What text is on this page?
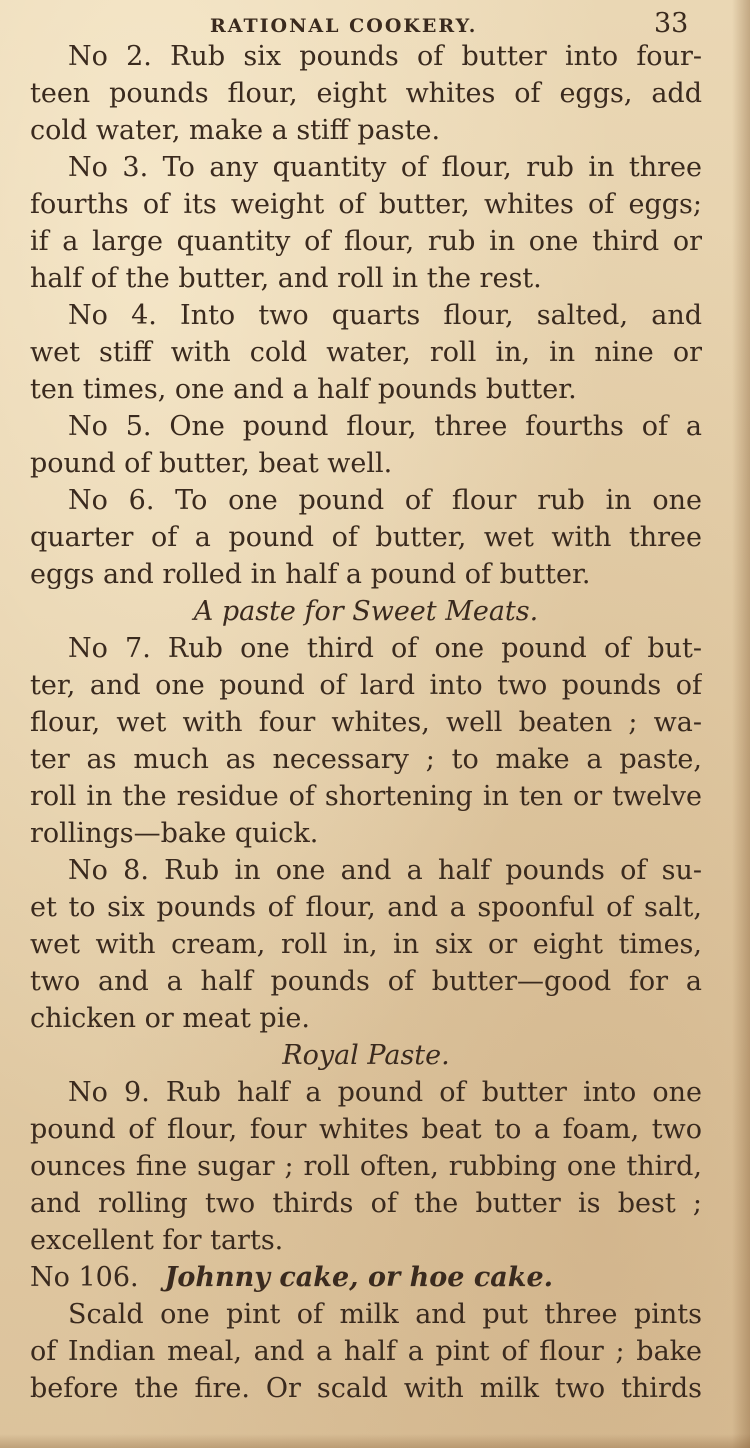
RATIONAL COOKERY.	33
No 2. Rub six pounds of butter into four-
teen pounds flour, eight whites of eggs, add
cold water, make a stiff paste.
No 3. To any quantity of flour, rub in three
fourths of its weight of butter, whites of eggs;
if a large quantity of flour, rub in one third or
half of the butter, and roll in the rest.
No 4. Into two quarts flour, salted, and
wet stiff with cold water, roll in, in nine or
ten times, one and a half pounds butter.
No 5. One pound flour, three fourths of a
pound of butter, beat well.
No 6. To one pound of flour rub in one
quarter of a pound of butter, wet with three
eggs and rolled in half a pound of butter.
A paste for Sweet Meats.
No 7. Rub one third of one pound of but-
ter, and one pound of lard into two pounds of
flour, wet with four whites, well beaten ; wa-
ter as much as necessary ; to make a paste,
roll in the residue of shortening in ten or twelve
rollings—bake quick.
No 8. Rub in one and a half pounds of su-
et to six pounds of flour, and a spoonful of salt,
wet with cream, roll in, in six or eight times,
two and a half pounds of butter—good for a
chicken or meat pie.
Royal Paste.
No 9. Rub half a pound of butter into one
pound of flour, four whites beat to a foam, two
ounces fine sugar ; roll often, rubbing one third,
and rolling two thirds of the butter is best ;
excellent for tarts.
No 106. Johnny cake, or hoe cake.
Scald one pint of milk and put three pints
of Indian meal, and a half a pint of flour ; bake
before the fire. Or scald with milk two thirds
